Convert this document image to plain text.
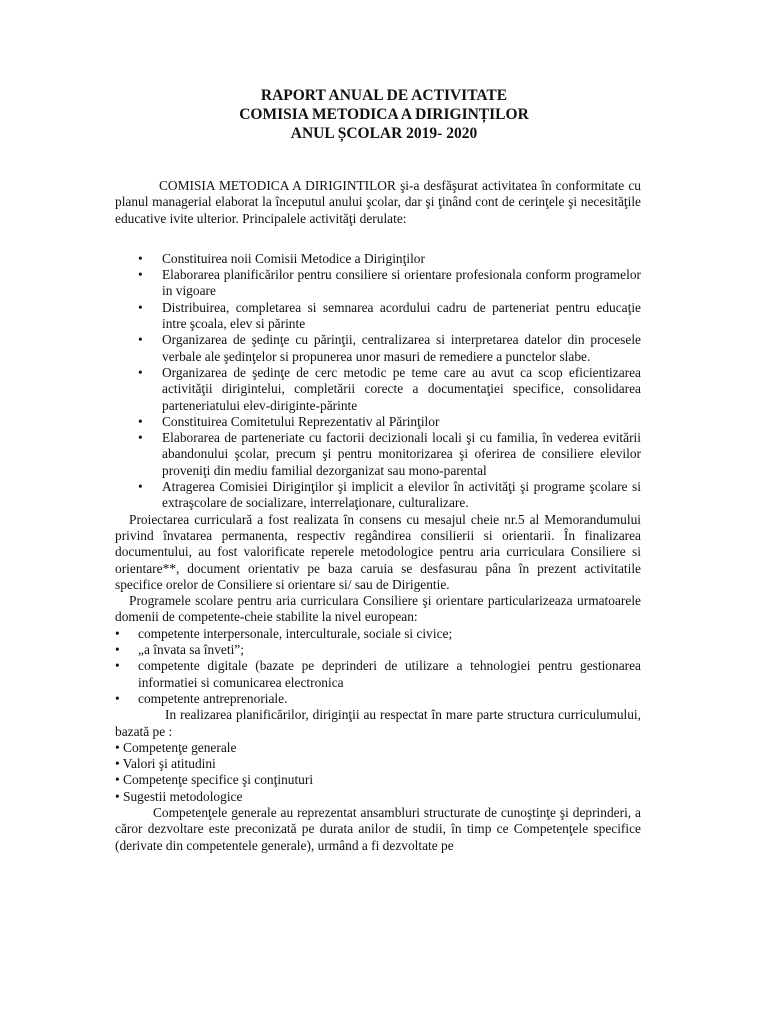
RAPORT ANUAL DE ACTIVITATE
COMISIA METODICA A DIRIGINȚILOR
ANUL ȘCOLAR 2019- 2020

COMISIA METODICA A DIRIGINTILOR şi-a desfăşurat activitatea în conformitate cu planul managerial elaborat la începutul anului şcolar, dar şi ţinând cont de cerinţele şi necesităţile educative ivite ulterior. Principalele activităţi derulate:

• Constituirea noii Comisii Metodice a Diriginţilor
• Elaborarea planificărilor pentru consiliere si orientare profesionala conform programelor in vigoare
• Distribuirea, completarea si semnarea acordului cadru de parteneriat pentru educaţie intre şcoala, elev si părinte
• Organizarea de şedinţe cu părinţii, centralizarea si interpretarea datelor din procesele verbale ale şedinţelor si propunerea unor masuri de remediere a punctelor slabe.
• Organizarea de şedinţe de cerc metodic pe teme care au avut ca scop eficientizarea activităţii dirigintelui, completării corecte a documentaţiei specifice, consolidarea parteneriatului elev-diriginte-părinte
• Constituirea Comitetului Reprezentativ al Părinţilor
• Elaborarea de parteneriate cu factorii decizionali locali şi cu familia, în vederea evitării abandonului şcolar, precum şi pentru monitorizarea şi oferirea de consiliere elevilor proveniţi din mediu familial dezorganizat sau mono-parental
• Atragerea Comisiei Diriginţilor şi implicit a elevilor în activităţi şi programe şcolare si extraşcolare de socializare, interrelaţionare, culturalizare.

Proiectarea curriculară a fost realizata în consens cu mesajul cheie nr.5 al Memorandumului privind învatarea permanenta, respectiv regândirea consilierii si orientarii. În finalizarea documentului, au fost valorificate reperele metodologice pentru aria curriculara Consiliere si orientare**, document orientativ pe baza caruia se desfasurau pâna în prezent activitatile specifice orelor de Consiliere si orientare si/ sau de Dirigentie.

Programele scolare pentru aria curriculara Consiliere şi orientare particularizeaza urmatoarele domenii de competente-cheie stabilite la nivel european:

• competente interpersonale, interculturale, sociale si civice;
• „a învata sa înveti”;
• competente digitale (bazate pe deprinderi de utilizare a tehnologiei pentru gestionarea informatiei si comunicarea electronica
• competente antreprenoriale.

In realizarea planificărilor, diriginţii au respectat în mare parte structura curriculumului, bazată pe :

• Competenţe generale
• Valori şi atitudini
• Competenţe specifice şi conţinuturi
• Sugestii metodologice

Competenţele generale au reprezentat ansambluri structurate de cunoştinţe şi deprinderi, a căror dezvoltare este preconizată pe durata anilor de studii, în timp ce Competenţele specifice (derivate din competentele generale), urmând a fi dezvoltate pe
